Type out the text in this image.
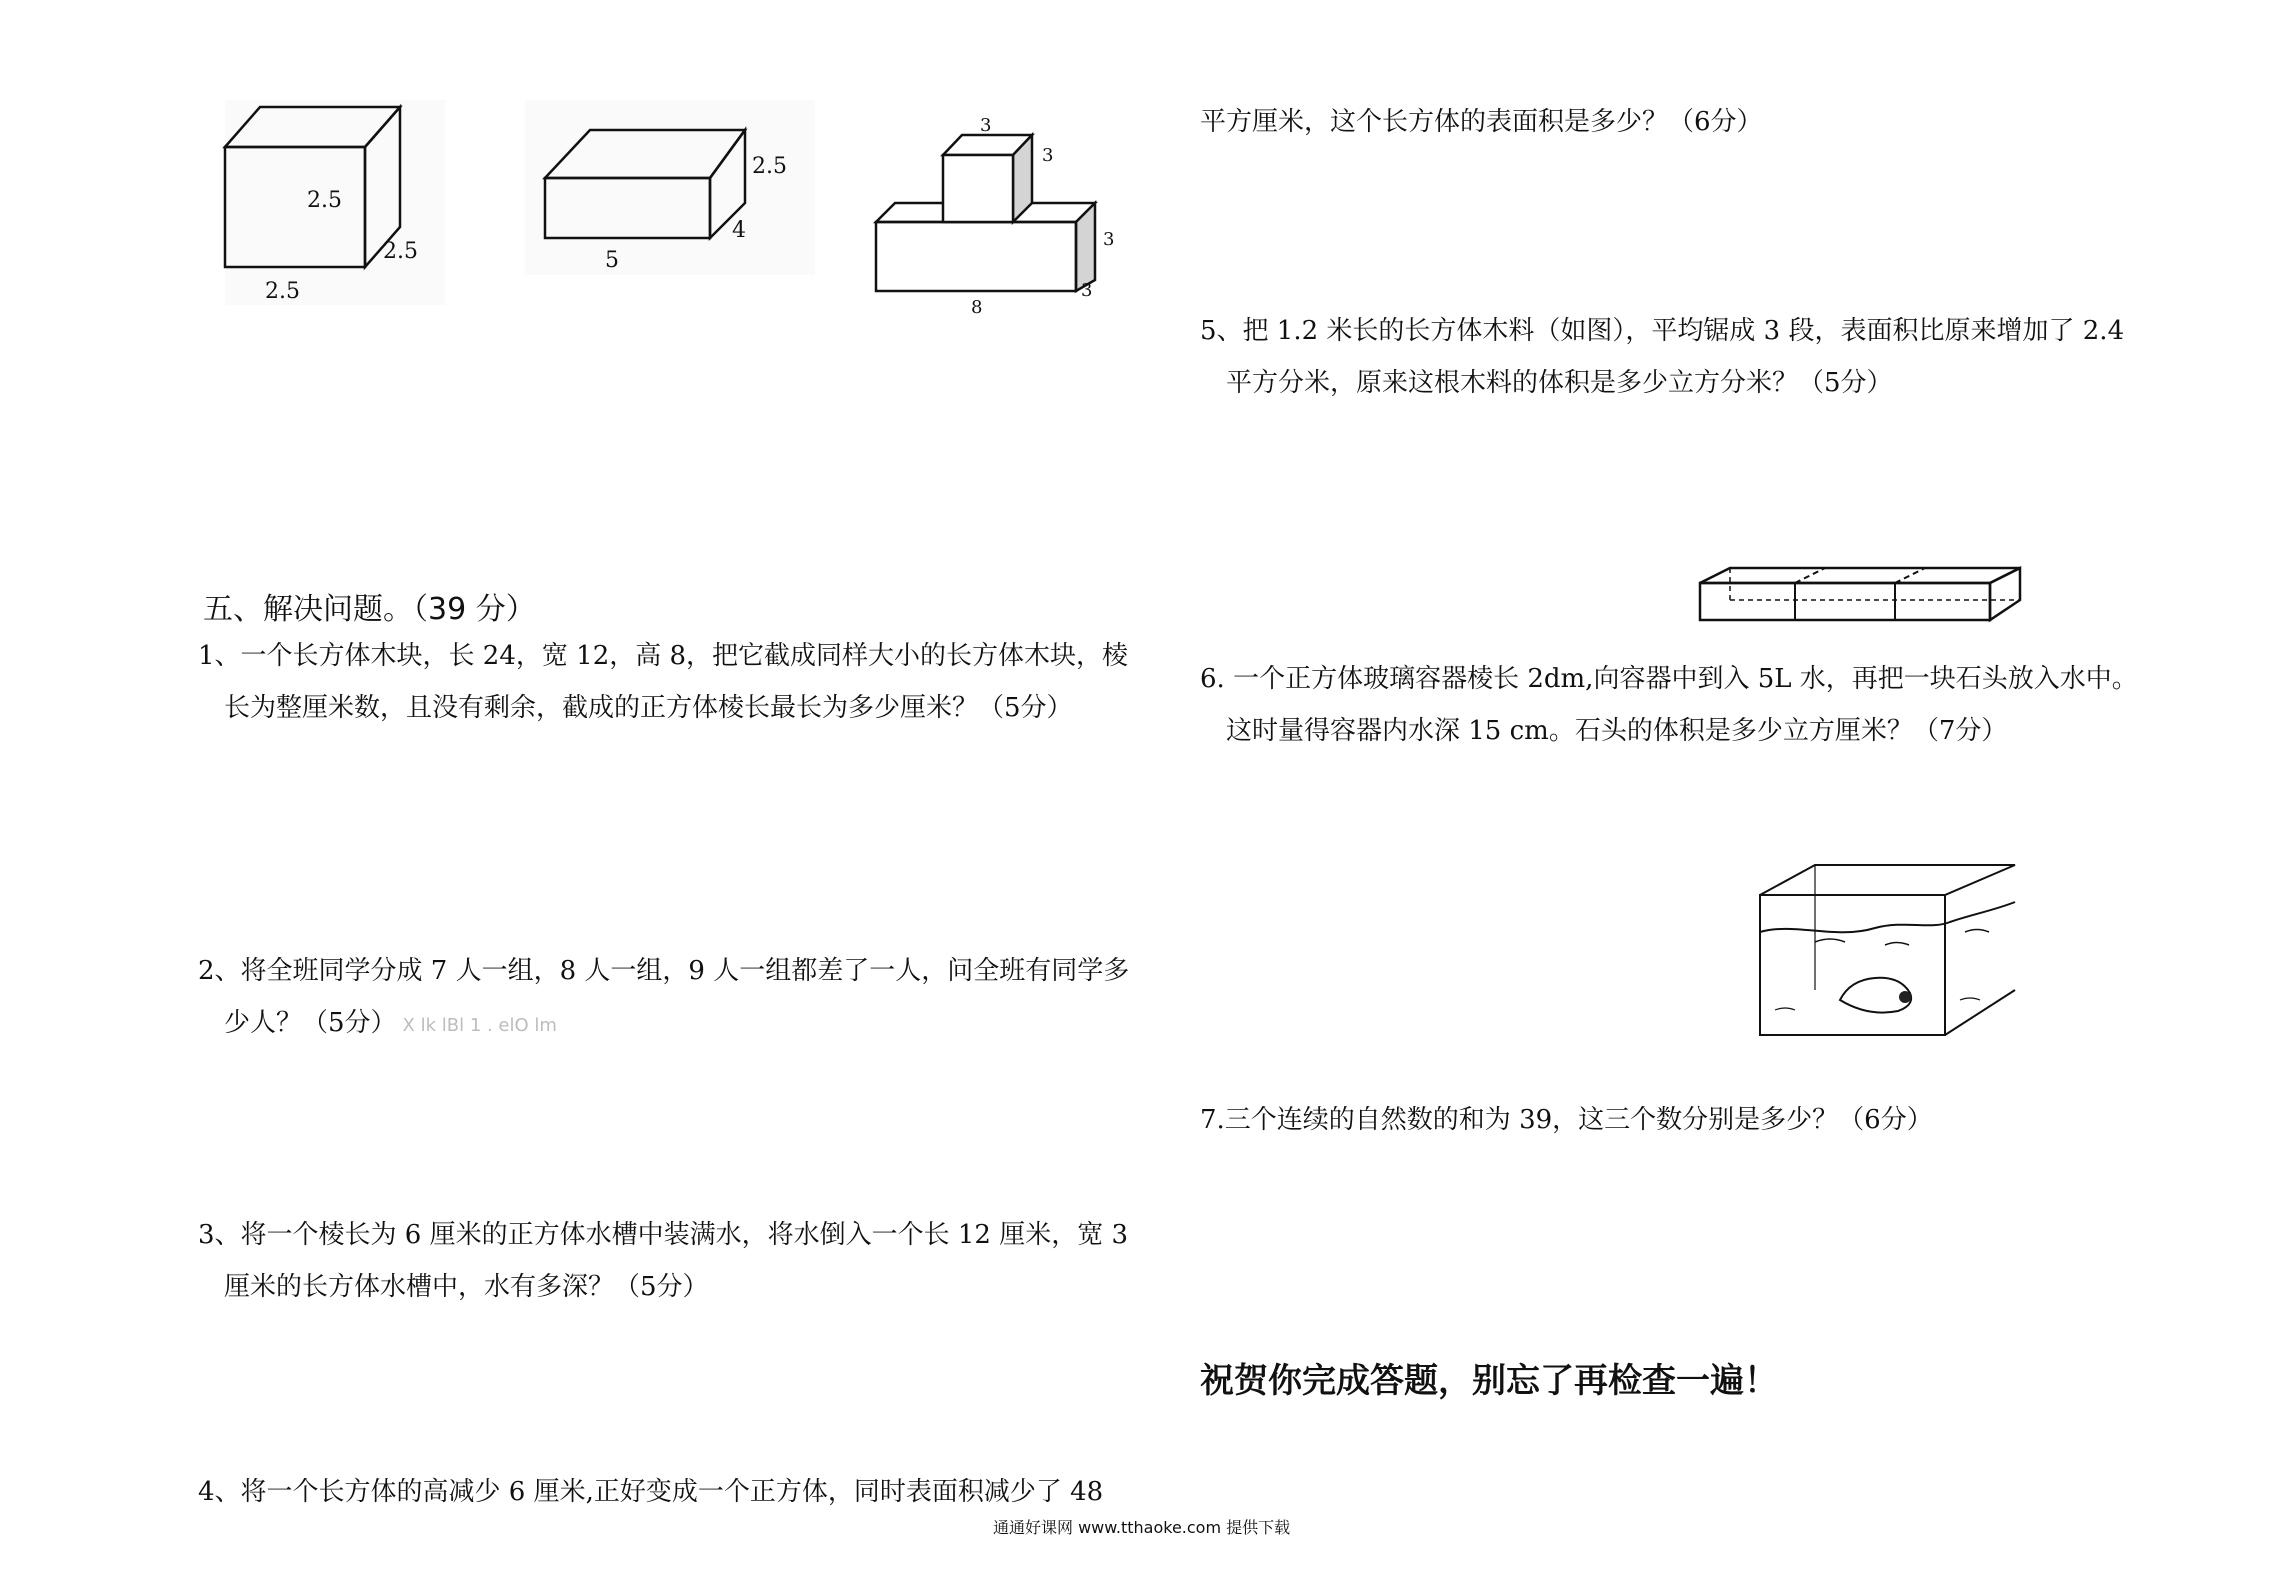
2.5
2.5
2.5
2.5
4
5
3
3
3
3
8
五、解决问题。（39 分）
1、一个长方体木块，长 24，宽 12，高 8，把它截成同样大小的长方体木块，棱
长为整厘米数，且没有剩余，截成的正方体棱长最长为多少厘米？（5分）
2、将全班同学分成 7 人一组，8 人一组，9 人一组都差了一人，问全班有同学多
少人？（5分） X lk lBl 1 . elO lm
3、将一个棱长为 6 厘米的正方体水槽中装满水，将水倒入一个长 12 厘米，宽 3
厘米的长方体水槽中，水有多深？（5分）
4、将一个长方体的高减少 6 厘米,正好变成一个正方体，同时表面积减少了 48
平方厘米，这个长方体的表面积是多少？（6分）
5、把 1.2 米长的长方体木料（如图），平均锯成 3 段，表面积比原来增加了 2.4
平方分米，原来这根木料的体积是多少立方分米？（5分）
6. 一个正方体玻璃容器棱长 2dm,向容器中到入 5L 水，再把一块石头放入水中。
这时量得容器内水深 15 cm。石头的体积是多少立方厘米？（7分）
7.三个连续的自然数的和为 39，这三个数分别是多少？（6分）
祝贺你完成答题，别忘了再检查一遍！
通通好课网 www.tthaoke.com 提供下载
